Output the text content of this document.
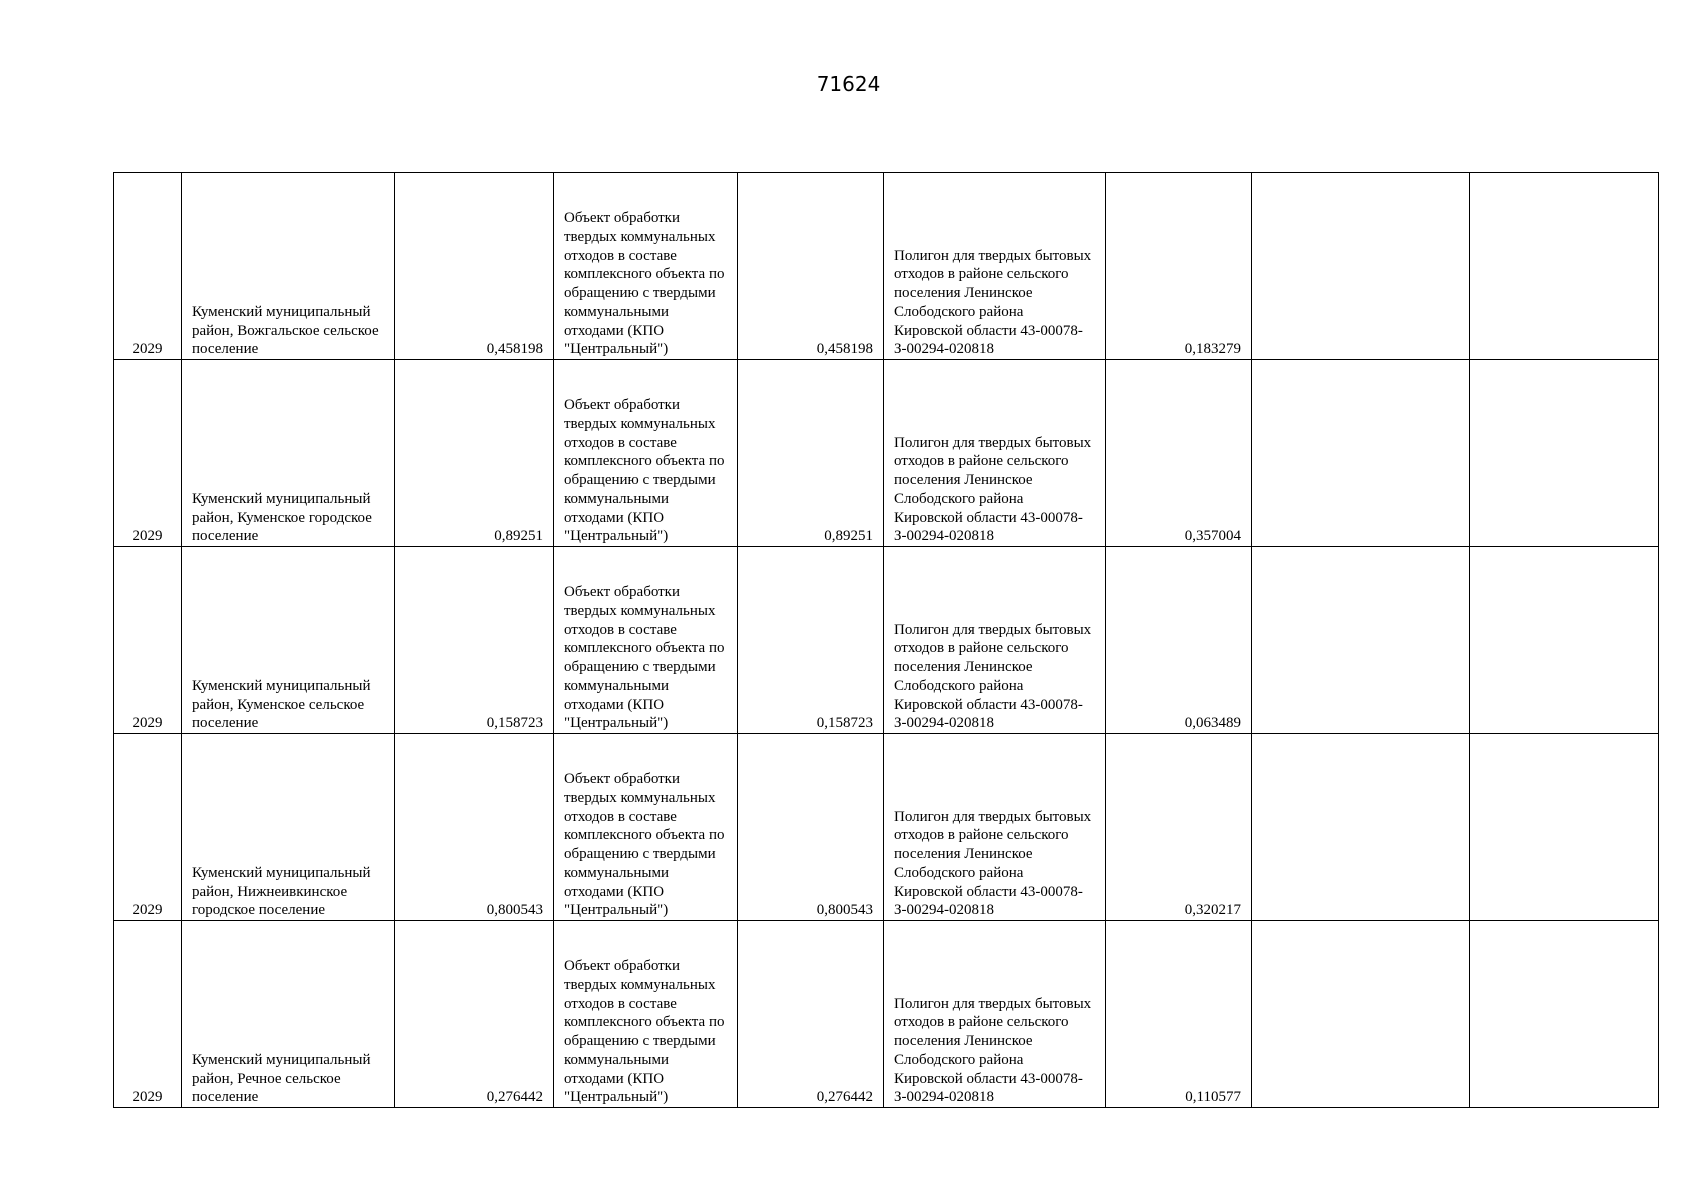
71624
2029	Куменский муниципальный район, Вожгальское сельское поселение	0,458198	Объект обработки твердых коммунальных отходов в составе комплексного объекта по обращению с твердыми коммунальными отходами (КПО "Центральный")	0,458198	Полигон для твердых бытовых отходов в районе сельского поселения Ленинское Слободского района Кировской области 43-00078-З-00294-020818	0,183279		
2029	Куменский муниципальный район, Куменское городское поселение	0,89251	Объект обработки твердых коммунальных отходов в составе комплексного объекта по обращению с твердыми коммунальными отходами (КПО "Центральный")	0,89251	Полигон для твердых бытовых отходов в районе сельского поселения Ленинское Слободского района Кировской области 43-00078-З-00294-020818	0,357004		
2029	Куменский муниципальный район, Куменское сельское поселение	0,158723	Объект обработки твердых коммунальных отходов в составе комплексного объекта по обращению с твердыми коммунальными отходами (КПО "Центральный")	0,158723	Полигон для твердых бытовых отходов в районе сельского поселения Ленинское Слободского района Кировской области 43-00078-З-00294-020818	0,063489		
2029	Куменский муниципальный район, Нижнеивкинское городское поселение	0,800543	Объект обработки твердых коммунальных отходов в составе комплексного объекта по обращению с твердыми коммунальными отходами (КПО "Центральный")	0,800543	Полигон для твердых бытовых отходов в районе сельского поселения Ленинское Слободского района Кировской области 43-00078-З-00294-020818	0,320217		
2029	Куменский муниципальный район, Речное сельское поселение	0,276442	Объект обработки твердых коммунальных отходов в составе комплексного объекта по обращению с твердыми коммунальными отходами (КПО "Центральный")	0,276442	Полигон для твердых бытовых отходов в районе сельского поселения Ленинское Слободского района Кировской области 43-00078-З-00294-020818	0,110577		
